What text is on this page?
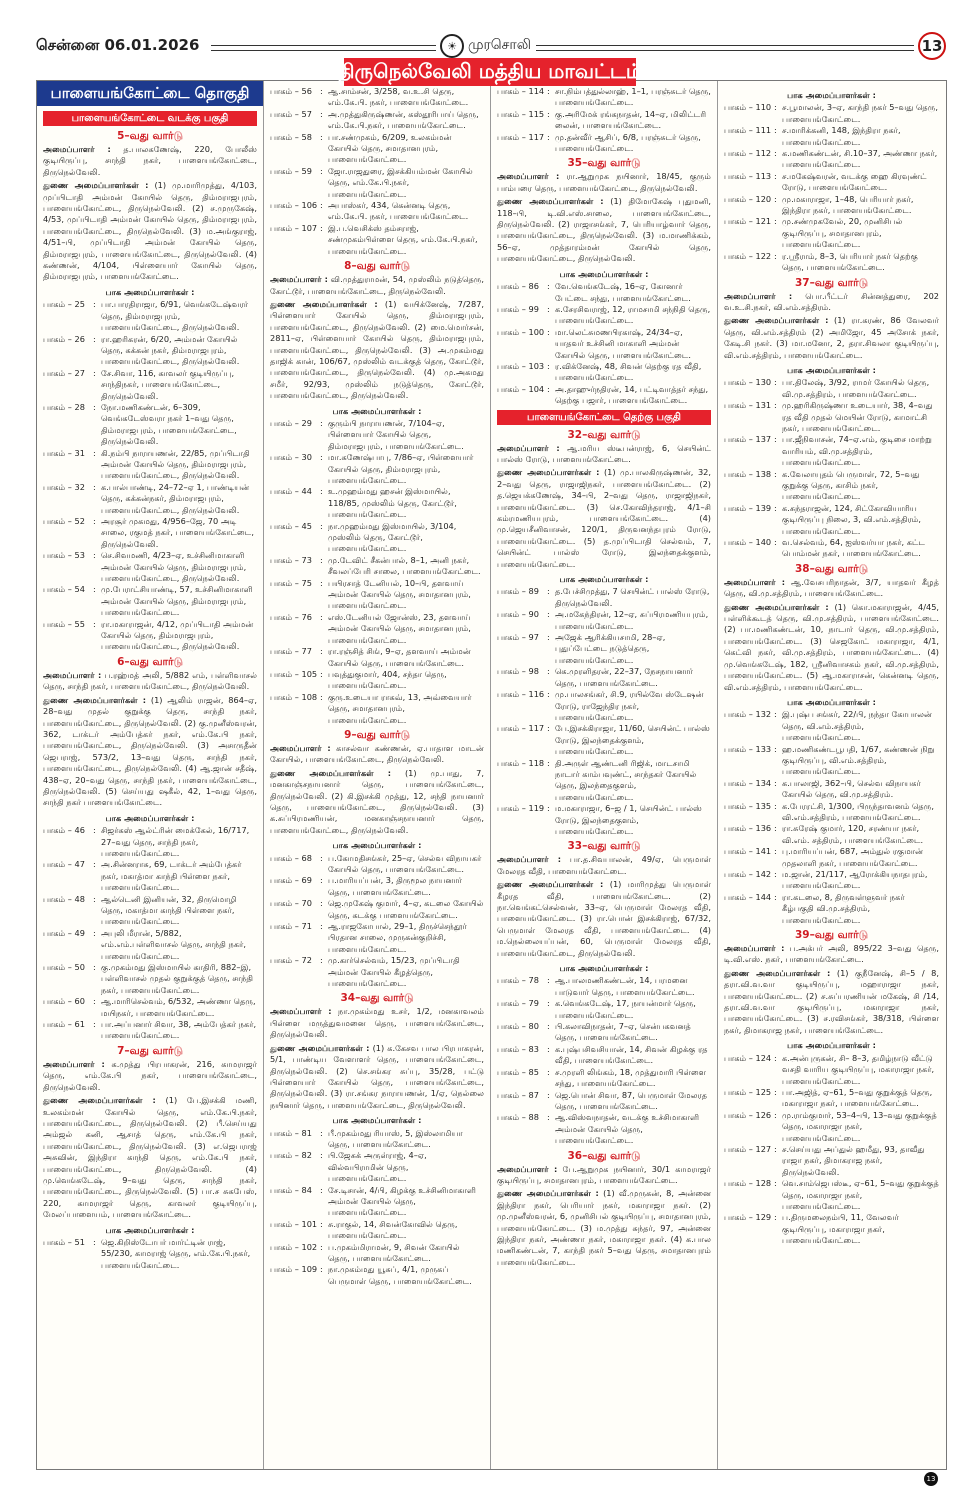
சென்னை 06.01.2026	☀ முரசொலி	13
திருநெல்வேலி மத்திய மாவட்டம்
பாளையங்கோட்டை தொகுதி
பாளையங்கோட்டை வடக்கு பகுதி
5–வது வார்டு
அமைப்பாளர் : த.பாலகணேஷ், 220, போலீஸ் குடியிருப்பு, சாந்தி நகர், பாளையங்கோட்டை, திருநெல்வேலி.
துணை அமைப்பாளர்கள் : (1) மு.மாரிமுத்து, 4/103, முப்பிடாதி அம்மன் கோயில் தெரு, திம்மராஜபுரம், பாளையங்கோட்டை, திருநெல்வேலி. (2) ச.முருகேஷ், 4/53, முப்பிடாதி அம்மன் கோயில் தெரு, திம்மராஜபுரம், பாளையங்கோட்டை, திருநெல்வேலி. (3) ம.அங்குராஜ், 4/51–பி, முப்பிடாதி அம்மன் கோயில் தெரு, திம்மராஜபுரம், பாளையங்கோட்டை, திருநெல்வேலி. (4) கண்ணன், 4/104, பிள்ளையார் கோயில் தெரு, திம்மராஜபுரம், பாளையங்கோட்டை.
பாக அமைப்பாளர்கள் :
பாகம் – 25 : பா.பாரதிராஜா, 6/91, வெங்கடேஷ்வரர் தெரு, திம்மராஜபுரம், பாளையங்கோட்டை, திருநெல்வேலி.
பாகம் – 26 : ரா.ஹரிகரன், 6/20, அம்மன் கோயில் தெரு, கக்கன் நகர், திம்மராஜபுரம், பாளையங்கோட்டை, திருநெல்வேலி.
பாகம் – 27 : சே.சிவா, 116, காவலர் குடியிருப்பு, சாந்திநகர், பாளையங்கோட்டை, திருநெல்வேலி.
பாகம் – 28 : நோ.மணிகண்டன், 6–309, வெங்கடேஸ்வரா நகர் 1–வது தெரு, திம்மராஜபுரம், பாளையங்கோட்டை, திருநெல்வேலி.
பாகம் – 31 : கி.நம்பி நாராயணன், 22/85, முப்பிடாதி அம்மன் கோயில் தெரு, திம்மராஜபுரம், பாளையங்கோட்டை, திருநெல்வேலி.
பாகம் – 32 : க.பால்பாண்டி, 24–72–ஏ 1, பாண்டியன் தெரு, கக்கன்நகர், திம்மராஜபுரம், பாளையங்கோட்டை, திருநெல்வேலி.
பாகம் – 52 : அரசூர் முகமது, 4/956–ஜே, 70 அடி சாலை, ரகுமத் நகர், பாளையங்கோட்டை, திருநெல்வேலி.
பாகம் – 53 : செ.சிவமணி, 4/23–ஏ, உச்சினிமாகாளி அம்மன் கோயில் தெரு, திம்மராஜபுரம், பாளையங்கோட்டை, திருநெல்வேலி.
பாகம் – 54 : மு.பேராட்சியாண்டி, 57, உச்சினிமாகாளி அம்மன் கோயில் தெரு, திம்மராஜபுரம், பாளையங்கோட்டை.
பாகம் – 55 : ரா.மகாராஜன், 4/12, முப்பிடாதி அம்மன் கோயில் தெரு, திம்மராஜபுரம், பாளையங்கோட்டை, திருநெல்வேலி.
6–வது வார்டு
அமைப்பாளர் : ப.ரஹ்மத் அலி, 5/882 எம், பள்ளிவாசல் தெரு, சாந்தி நகர், பாளையங்கோட்டை, திருநெல்வேலி.
துணை அமைப்பாளர்கள் : (1) ஆலிம் ராஜன், 864–ஏ, 28–வது முதல் குறுக்கு தெரு, சாந்தி நகர், பாளையங்கோட்டை, திருநெல்வேலி. (2) கு.முனீஸ்வரன், 362, டாக்டர் அம்பேத்கர் நகர், எம்.கே.பி நகர், பாளையங்கோட்டை, திருநெல்வேலி. (3) அசாருதீன் ஜெபராஜ், 573/2, 13–வது தெரு, சாந்தி நகர், பாளையங்கோட்டை, திருநெல்வேலி. (4) ஆ.ஜான் சதீஷ், 438–ஏ, 20–வது தெரு, சாந்தி நகர், பாளையங்கோட்டை, திருநெல்வேலி. (5) செய்யது ஷகீல், 42, 1–வது தெரு, சாந்தி நகர் பாளையங்கோட்டை.
பாக அமைப்பாளர்கள் :
பாகம் – 46 : சிஜர்கஸ் ஆல்ட்ரின் மைக்கேல், 16/717, 27–வது தெரு, சாந்தி நகர், பாளையங்கோட்டை.
பாகம் – 47 : அ.சின்னராசு, 69, டாக்டர் அம்பேத்கர் நகர், மகாத்மா காந்தி பிள்ளை நகர், பாளையங்கோட்டை.
பாகம் – 48 : ஆல்டெனி இனியன், 32, திருமொழி தெரு, மகாத்மா காந்தி பிள்ளை நகர், பாளையங்கோட்டை.
பாகம் – 49 : அபுலி மீரான், 5/882, எம்.எம்.பள்ளிவாசல் தெரு, சாந்தி நகர், பாளையங்கோட்டை.
பாகம் – 50 : கு.முகம்மது இஸ்மாயில் காதிரி, 882–இ, பள்ளிவாசல் முதல் குறுக்குத் தெரு, சாந்தி நகர், பாளையங்கோட்டை.
பாகம் – 60 : ஆ.மாரிசெல்வம், 6/532, அண்ணா தெரு, மயிநகர், பாளையங்கோட்டை.
பாகம் – 61 : பா.அப்பனார் சிவா, 38, அம்பேத்கர் நகர், பாளையங்கோட்டை.
7–வது வார்டு
அமைப்பாளர் : க.முத்து பிரபாகரன், 216, காமராஜர் தெரு, எம்.கே.பி நகர், பாளையங்கோட்டை, திருநெல்வேலி.
துணை அமைப்பாளர்கள் : (1) பே.இசக்கி மணி, உலகம்மன் கோயில் தெரு, எம்.கே.பி.நகர், பாளையங்கோட்டை, திருநெல்வேலி. (2) பீ.செய்யது அம்ஜல் கனி, ஆசாத் தெரு, எம்.கே.பி நகர், பாளையங்கோட்டை, திருநெல்வேலி. (3) எ.ஜெபராஜ் அசுவின், இந்திரா காந்தி தெரு, எம்.கே.பி நகர், பாளையங்கோட்டை, திருநெல்வேலி. (4) மு.வெங்கடேஷ், 9–வது தெரு, சாந்தி நகர், பாளையங்கோட்டை, திருநெல்வேலி. (5) பா.ச சுகபேஸ், 220, காமராஜர் தெரு, காவலர் குடியிருப்பு, மேலப்பாளையம், பாளையங்கோட்டை.
பாக அமைப்பாளர்கள் :
பாகம் – 51 : ஜெ.கிறிஸ்டோபர் மார்ட்டின் ராஜ், 55/230, காமராஜ் தெரு, எம்.கே.பி.நகர், பாளையங்கோட்டை.
பாகம் – 56 : ஆ.சாம்சன், 3/258, வ.உ.சி தெரு, எம்.கே.பி. நகர், பாளையங்கோட்டை.
பாகம் – 57 : அ.முத்துகிருஷ்ணன், கஸ்தூரிபாய் தெரு, எம்.கே.பி.நகர், பாளையங்கோட்டை.
பாகம் – 58 : பா.சண்முகம், 6/209, உலகம்மன் கோயில் தெரு, சமாதானபுரம், பாளையங்கோட்டை.
பாகம் – 59 : ஜோ.ராஜதுரை, இசக்கியம்மன் கோயில் தெரு, எம்.கே.பி.நகர், பாளையங்கோட்டை.
பாகம் – 106 : அபாஸ்கர், 434, கென்னடி தெரு, எம்.கே.பி. நகர், பாளையங்கோட்டை.
பாகம் – 107 : இ.ப.வெசிக்ஸ் தம்சராஜ், சண்முகம்பிள்ளை தெரு, எம்.கே.பி.நகர், பாளையங்கோட்டை.
8–வது வார்டு
அமைப்பாளர் : வி.முத்துராமன், 54, முஸ்லிம் நடுத்தெரு, கோட்டூர், பாளையங்கோட்டை, திருநெல்வேலி.
துணை அமைப்பாளர்கள் : (1) வயிக்னேஷ், 7/287, பிள்ளையார் கோயில் தெரு, திம்மராஜபுரம், பாளையங்கோட்டை, திருநெல்வேலி. (2) மை.மொர்சன், 2811–ஏ, பிள்ளையார் கோயில் தெரு, திம்மராஜபுரம், பாளையங்கோட்டை, திருநெல்வேலி. (3) அ.முகம்மது தாஜிக் கான், 106/67, முஸ்லிம் வடக்குத் தெரு, கோட்டூர், பாளையங்கோட்டை, திருநெல்வேலி. (4) மு.அகமது சமீர், 92/93, முஸ்லிம் நடுத்தெரு, கோட்டூர், பாளையங்கோட்டை, திருநெல்வேலி.
பாக அமைப்பாளர்கள் :
பாகம் – 29 : குரும்பி நாராயணன், 7/104–ஏ, பிள்ளையார் கோயில் தெரு, திம்மராஜபுரம், பாளையங்கோட்டை.
பாகம் – 30 : மா.கணேஷ்பாபு, 7/86–ஏ, பிள்ளையார் கோயில் தெரு, திம்மராஜபுரம், பாளையங்கோட்டை.
பாகம் – 44 : உ.முஹம்மது ஹசன் இஸ்மாயில், 118/85, முஸ்லிம் தெரு, கோட்டூர், பாளையங்கோட்டை.
பாகம் – 45 : நா.முஹம்மது இஸ்மாயில், 3/104, முஸ்லிம் தெரு, கோட்டூர், பாளையங்கோட்டை.
பாகம் – 73 : மு.டேவிட் சீகன்பால், 8–1, அனி நகர், சீவலப்பேரி சாலை, பாளையங்கோட்டை.
பாகம் – 75 : பயிரசாத் டேனியல், 10–பி, தளவாய் அம்மன் கோயில் தெரு, சமாதானபுரம், பாளையங்கோட்டை.
பாகம் – 76 : எஸ்.டேனியல் ஜோன்ஸ், 23, தளவாய் அம்மன் கோயில் தெரு, சமாதானபுரம், பாளையங்கோட்டை.
பாகம் – 77 : ரா.ரஞ்சித் சிங், 9–ஏ, தளவாய் அம்மன் கோயில் தெரு, பாளையங்கோட்டை.
பாகம் – 105 : பவுத்துகுமார், 404, சந்தா தெரு, பாளையங்கோட்டை.
பாகம் – 108 : குரு.உடையா ராகவ், 13, அவ்வையார் தெரு, சமாதானபுரம், பாளையங்கோட்டை.
9–வது வார்டு
அமைப்பாளர் : காசல்வா கண்ணன், ஏ.பாதாள மாடன் கோயில், பாளையங்கோட்டை, திருநெல்வேலி.
துணை அமைப்பாளர்கள் : (1) மு.பாது, 7, மனகாஞ்சநாயனார் தெரு, பாளையங்கோட்டை, திருநெல்வேலி. (2) கி.இசக்கி முத்து, 12, சந்தி நாயனார் தெரு, பாளையங்கோட்டை, திருநெல்வேலி. (3) க.சுப்பிரமணியன், மனகாஞ்சநாயனார் தெரு, பாளையங்கோட்டை, திருநெல்வேலி.
பாக அமைப்பாளர்கள் :
பாகம் – 68 : ப.கோமதிசங்கர், 25–ஏ, செல்வ விநாயகர் கோயில் தெரு, பாளையங்கோட்டை.
பாகம் – 69 : ப.மாரியப்பன், 3, திருமூல நாயனார் தெரு, பாளையங்கோட்டை.
பாகம் – 70 : ஜெ.முகேஷ் குமார், 4–ஏ, கடலை கோயில் தெரு, கடக்கு பாளையங்கோட்டை.
பாகம் – 71 : ஆ.ராஜகோபால், 29–1, திருச்செந்தூர் பிரதான சாலை, முருகன்குறிச்சி, பாளையங்கோட்டை.
பாகம் – 72 : மு.கார்செல்வம், 15/23, முப்பிடாதி அம்மன் கோயில் கீழத்தெரு, பாளையங்கோட்டை.
34–வது வார்டு
அமைப்பாளர் : நா.முகம்மது உசர், 1/2, மனகாவலம் பிள்ளை மருத்துவமனை தெரு, பாளையங்கோட்டை, திருநெல்வேலி.
துணை அமைப்பாளர்கள் : (1) க.கேசவ பால பிரபாகரன், 5/1, பாண்டிய வேளாளர் தெரு, பாளையங்கோட்டை, திருநெல்வேலி. (2) செ.சங்கர சுப்பு, 35/28, பட்டு பிள்ளையார் கோயில் தெரு, பாளையங்கோட்டை, திருநெல்வேலி. (3) ரா.சங்கர நாராயணன், 1/ஏ, நெல்லை நயினார் தெரு, பாளையங்கோட்டை, திருநெல்வேலி.
பாக அமைப்பாளர்கள் :
பாகம் – 81 : பீ.முகம்மது ரியாஸ், 5, இஸ்லாமியா தெரு, பாளையங்கோட்டை.
பாகம் – 82 : பி.ஜேசுக் அருள்ராஜ், 4–ஏ, வில்வபிராமின் தெரு, பாளையங்கோட்டை.
பாகம் – 84 : சே.டிசான், 4/பி, கிழக்கு உச்சினிமாகாளி அம்மன் கோயில் தெரு, பாளையங்கோட்டை.
பாகம் – 101 : சு.ராகுல், 14, சிவன்கோவில் தெரு, பாளையங்கோட்டை.
பாகம் – 102 : ப.முகம்மிராமன், 9, சிவன் கோயில் தெரு, பாளையங்கோட்டை.
பாகம் – 109 : நா.முகம்மது யூசுப், 4/1, முருகப் பெருமாள் தெரு, பாளையங்கோட்டை.
பாகம் – 114 : சா.நிம்பத்துல்லாஹ், 1–1, பரஞ்சுடர் தெரு, பாளையங்கோட்டை.
பாகம் – 115 : கு.அரிமேக் ரங்கநாதன், 14–ஏ, மிலிட்டரி லைன், பாளையங்கோட்டை.
பாகம் – 117 : மு.தன்வீர் ஆசிப், 6/8, பரஞ்சுடர் தெரு, பாளையங்கோட்டை.
35–வது வார்டு
அமைப்பாளர் : ரா.ஆறுமுக நயினார், 18/45, குரும் பாம்பரை தெரு, பாளையங்கோட்டை, திருநெல்வேலி.
துணை அமைப்பாளர்கள் : (1) திமோகேஷ் புதுமனி, 118–பி, டி.வி.எஸ்.சாலை, பாளையங்கோட்டை, திருநெல்வேலி. (2) ராஜாசங்கர், 7, பெரியாழ்வார் தெரு, பாளையங்கோட்டை, திருநெல்வேலி. (3) ம.மாணிக்கம், 56–ஏ, முத்தாரம்மன் கோயில் தெரு, பாளையங்கோட்டை, திருநெல்வேலி.
பாக அமைப்பாளர்கள் :
பாகம் – 86 : வே.வெங்கடேஷ், 16–ஏ, கோனார் பேட்டை சந்து, பாளையங்கோட்டை.
பாகம் – 99 : க.சேரசிவராஜ், 12, ராமசாமி சந்நிதி தெரு, பாளையங்கோட்டை.
பாகம் – 100 : மா.லெட்சுமணபிரகாஷ், 24/34–ஏ, யாதவர் உச்சினி மாகாளி அம்மன் கோயில் தெரு, பாளையங்கோட்டை.
பாகம் – 103 : ர.விக்னேஷ், 48, சிவன் தெற்கு ரத வீதி, பாளையங்கோட்டை.
பாகம் – 104 : அ.தாஹுர்நதிரன், 14, பட்டிவாத்தர் சந்து, தெற்கு பஜார், பாளையங்கோட்டை.
பாளையங்கோட்டை தெற்கு பகுதி
32–வது வார்டு
அமைப்பாளர் : ஆ.மரிய ஸ்டீபன்ராஜ், 6, செயின்ட் பால்ஸ் ரோடு, பாளையங்கோட்டை.
துணை அமைப்பாளர்கள் : (1) மு.பாலகிருஷ்ணன், 32, 2–வது தெரு, ராஜாஜிநகர், பாளையங்கோட்டை. (2) த.ஜெயக்கணேஷ், 34–பி, 2–வது தெரு, ராஜாஜிநகர், பாளையங்கோட்டை. (3) செ.கோவிந்தராஜ், 4/1–சி கம்ரமணியபுரம், பாளையங்கோட்டை. (4) மு.ஜெயசீனிவாசன், 120/1, திருவனந்தபுரம் ரோடு, பாளையங்கோட்டை. (5) த.முப்பிடாதி செல்வம், 7, செயின்ட் பால்ஸ் ரோடு, இலந்தைக்குளம், பாளையங்கோட்டை.
பாக அமைப்பாளர்கள் :
பாகம் – 89 : த.பேச்சிமுத்து, 7 செயின்ட் பால்ஸ் ரோடு, திருநெல்வேலி.
பாகம் – 90 : அ.மகேந்திரன், 12–ஏ, சுப்பிரமணியபுரம், பாளையங்கோட்டை.
பாகம் – 97 : அஜேக் ஆரிக்கியசாமி, 28–ஏ, புதுப்பேட்டை நடுத்தெரு, பாளையங்கோட்டை.
பாகம் – 98 : கெ.முரளிதரன், 22–37, நேசநாயனார் தெரு, பாளையங்கோட்டை.
பாகம் – 116 : மு.பாலசங்கர், சி.9, ரயில்வே ஸ்டேஷன் ரோடு, ராஜேந்திர நகர், பாளையங்கோட்டை.
பாகம் – 117 : பே.இசக்கிராஜா, 11/60, செயின்ட் பால்ஸ் ரோடு, இலந்தைக்குளம், பாளையங்கோட்டை.
பாகம் – 118 : தி.அருள் ஆண்டனி ரிஜிக், மாடசாமி நாடார் காம்பவுண்ட், சாந்தகர் கோயில் தெரு, இலந்தைகுளம், பாளையங்கோட்டை.
பாகம் – 119 : ம.மகாராஜா, 6–ஜ / 1, செயின்ட் பால்ஸ் ரோடு, இலந்தைகுளம், பாளையங்கோட்டை.
33–வது வார்டு
அமைப்பாளர் : பா.த.சிவபாலன், 49/ஏ, பெருமாள் மேலரத வீதி, பாளையங்கோட்டை.
துணை அமைப்பாளர்கள் : (1) மாரிமுத்து பெருமாள் கீழரத வீதி, பாளையங்கோட்டை. (2) நா.வெங்கட்செல்வன், 33–ஏ, பெருமாள் மேலரத வீதி, பாளையங்கோட்டை. (3) ரா.பொன் இசக்கிராஜ், 67/32, பெருமாள் மேலரத வீதி, பாளையங்கோட்டை. (4) ம.நெல்லையப்பன், 60, பெருமாள் மேலரத வீதி, பாளையங்கோட்டை, திருநெல்வேலி.
பாக அமைப்பாளர்கள் :
பாகம் – 78 : ஆ.பாலமணிகண்டன், 14, பரமனை பாடுவார் தெரு, பாளையங்கோட்டை.
பாகம் – 79 : க.வெங்கடேஷ், 17, நாயன்மார் தெரு, பாளையங்கோட்டை.
பாகம் – 80 : பி.கலாவிநாதன், 7–ஏ, சென்பகவனத் தெரு, பாளையங்கோட்டை.
பாகம் – 83 : க.புஷ்பசிவசியான், 14, சிவன் கிழக்கு ரத வீதி, பாளையங்கோட்டை.
பாகம் – 85 : ச.முரளி லிங்கம், 18, முத்துமாரி பிள்ளை சந்து, பாளையங்கோட்டை.
பாகம் – 87 : ஜெ.பொன் சிவா, 87, பெருமாள் மேலரத தெரு, பாளையங்கோட்டை.
பாகம் – 88 : ஆ.விஸ்வநாதன், வடக்கு உச்சிமாகாளி அம்மன் கோயில் தெரு, பாளையங்கோட்டை.
36–வது வார்டு
அமைப்பாளர் : பே.ஆறுமுக நயினார், 30/1 காமராஜர் குடியிருப்பு, சமாதானபுரம், பாளையங்கோட்டை.
துணை அமைப்பாளர்கள் : (1) வீ.முருகன், 8, அன்னை இந்திரா நகர், பெரியார் நகர், மகாராஜா நகர். (2) மு.முனீஸ்வரன், 6, முனிசிபல் குடியிருப்பு, சமாதானபுரம், பாளையங்கோட்டை. (3) ம.முத்து சுந்தர், 97, அன்னை இந்திரா நகர், அண்ணா நகர், மகாராஜா நகர். (4) க.பால மணிகண்டன், 7, காந்தி நகர் 5–வது தெரு, சமாதானபுரம் பாளையங்கோட்டை.
பாக அமைப்பாளர்கள் :
பாகம் – 110 : ச.பூமாலன், 3–ஏ, காந்தி நகர் 5–வது தெரு, பாளையங்கோட்டை.
பாகம் – 111 : ச.மாரிக்கனி, 148, இந்திரா நகர், பாளையங்கோட்டை.
பாகம் – 112 : க.மணிகண்டன், சி.10–37, அண்ணா நகர், பாளையங்கோட்டை.
பாகம் – 113 : ச.மகேஷ்வரன், வடக்கு ஹை கிரவுண்ட் ரோடு, பாளையங்கோட்டை.
பாகம் – 120 : மு.மகாராஜா, 1–48, பெரியார் நகர், இந்திரா நகர், பாளையங்கோட்டை.
பாகம் – 121 : மு.சண்முகவேல், 20, முனிசிபல் குடியிருப்பு, சமாதானபுரம், பாளையங்கோட்டை.
பாகம் – 122 : ர.ஸ்ரீராம், 8–3, பெரியார் நகர் தெற்கு தெரு, பாளையங்கோட்டை.
37–வது வார்டு
அமைப்பாளர் : பொ.பீட்டர் சின்னத்துரை, 202 வ.உ.சி.நகர், வி.எம்.சத்திரம்.
துணை அமைப்பாளர்கள் : (1) ரா.கரண், 86 வேலவர் தெரு, வி.எம்.சத்திரம் (2) அமிஜோ, 45 அசோக் நகர், கேடி.சி நகர். (3) மா.மனோ, 2, தரா.சிவலா குடியிருப்பு, வி.எம்.சத்திரம், பாளையங்கோட்டை.
பாக அமைப்பாளர்கள் :
பாகம் – 130 : பா.திலேஷ், 3/92, ராமர் கோயில் தெரு, வி.மு.சத்திரம், பாளையங்கோட்டை.
பாகம் – 131 : மு.ஹரிகிருஷ்ணா உடையார், 38, 4–வது ரத வீதி முதல் மெயின் ரோடு, காமாட்சி நகர், பாளையங்கோட்டை.
பாகம் – 137 : பா.ஜீநிவாசன், 74–ஏ.எம், குடிசை மாற்று வாரியம், வி.மு.சத்திரம், பாளையங்கோட்டை.
பாகம் – 138 : க.வேலாயுதம் பெருமாள், 72, 5–வது குறுக்கு தெரு, காசிம் நகர், பாளையங்கோட்டை.
பாகம் – 139 : க.சுந்தராஜன், 124, சிட்கோவியாரிய குடியிருப்பு நிலை, 3, வி.எம்.சத்திரம், பாளையங்கோட்டை.
பாகம் – 140 : வ.செல்வம், 64, ஐஸ்வர்யா நகர், கட்ட பொம்மன் நகர், பாளையங்கோட்டை.
38–வது வார்டு
அமைப்பாளர் : ஆ.வேசபரிநாதன், 3/7, யாதவர் கீழத் தெரு, வி.மு.சத்திரம், பாளையங்கோட்டை.
துணை அமைப்பாளர்கள் : (1) கொ.மகாராஜன், 4/45, பள்ளிக்கூடத் தெரு, வி.மு.சத்திரம், பாளையங்கோட்டை. (2) பா.மணிகண்டன், 10, நாடார் தெரு, வி.மு.சத்திரம், பாளையங்கோட்டை. (3) செஜகோட் மகாராஜா, 4/1, கெட்வி நகர், வி.மு.சத்திரம், பாளையங்கோட்டை. (4) மு.வெங்கடேஷ், 182, ஸ்ரீனிவாசகம் நகர், வி.மு.சத்திரம், பாளையங்கோட்டை. (5) ஆ.மகாராசன், கென்னடி தெரு, வி.எம்.சத்திரம், பாளையங்கோட்டை.
பாக அமைப்பாளர்கள் :
பாகம் – 132 : இ.புஷ்ப சங்கர், 22/பி, நந்தா கோபாலன் தெரு, வி.எம்.சத்திரம், பாளையங்கோட்டை.
பாகம் – 133 : ஹ.மணிகண்டபூபதி, 1/67, கண்ணன் நிறு குடியிருப்பு, வி.எம்.சத்திரம், பாளையங்கோட்டை.
பாகம் – 134 : க.பாலாஜி, 362–பி, செல்வ விநாயகர் கோயில் தெரு, வி.மு.சத்திரம்.
பாகம் – 135 : க.பேரரட்சி, 1/300, பிருந்தாவனம் தெரு, வி.எம்.சத்திரம், பாளையங்கோட்டை.
பாகம் – 136 : ரா.சுரேஷ் குமார், 120, சரண்யா நகர், வி.எம். சத்திரம், பாளையங்கோட்டை.
பாகம் – 141 : பு.மாரியப்பன், 687, அம்துல் ரகுமான் முதலாளி நகர், பாளையங்கோட்டை.
பாகம் – 142 : ம.ஜான், 21/117, ஆரோக்கியநாதபுரம், பாளையங்கோட்டை.
பாகம் – 144 : ரா.கடலை, 8, திருவள்ளுவர் நகர் கீழ்பகுதி வி.மு.சத்திரம், பாளையங்கோட்டை.
39–வது வார்டு
அமைப்பாளர் : ப.அக்பர் அலி, 895/22 3–வது தெரு, டி.வி.எஸ். நகர், பாளையங்கோட்டை.
துணை அமைப்பாளர்கள் : (1) குநீனேஷ், சி–5 / 8, தரா.வி.வ.வா குடியிருப்பு, மஹாராஜா நகர், பாளையங்கோட்டை. (2) ச.சுப்பரணியன் மகேஷ், சி /14, தரா.வி.வ.வா குடியிருப்பு, மகாராஜா நகர், பாளையங்கோட்டை. (3) ச.ரவிசங்கர், 38/318, பிள்ளை நகர், திமாகராஜ நகர், பாளையங்கோட்டை.
பாக அமைப்பாளர்கள் :
பாகம் – 124 : க.அன்புருகன், சி– 8–3, தமிழ்நாடு வீட்டு வசதி வாரிய குடியிருப்பு, மகாராஜா நகர், பாளையங்கோட்டை.
பாகம் – 125 : பா.அஜித், ஏ–61, 5–வது குறுக்குத் தெரு, மகாராஜா நகர், பாளையங்கோட்டை.
பாகம் – 126 : மு.ராம்குமார், 53–4–பி, 13–வது குறுக்குத் தெரு, மகாராஜா நகர், பாளையங்கோட்டை.
பாகம் – 127 : ச.செய்யது அப்துல் ஹமீது, 93, தாவீது ராஜா நகர், திமாகராஜ நகர், திருநெல்வேலி.
பாகம் – 128 : வெ.சாம்ஜெபஸ்டீ, ஏ–61, 5–வது குறுக்குத் தெரு, மகாராஜா நகர், பாளையங்கோட்டை.
பாகம் – 129 : ப.திருமலைநம்பி, 11, வேலவர் குடியிருப்பு, மகாராஜா நகர், பாளையங்கோட்டை.
13
